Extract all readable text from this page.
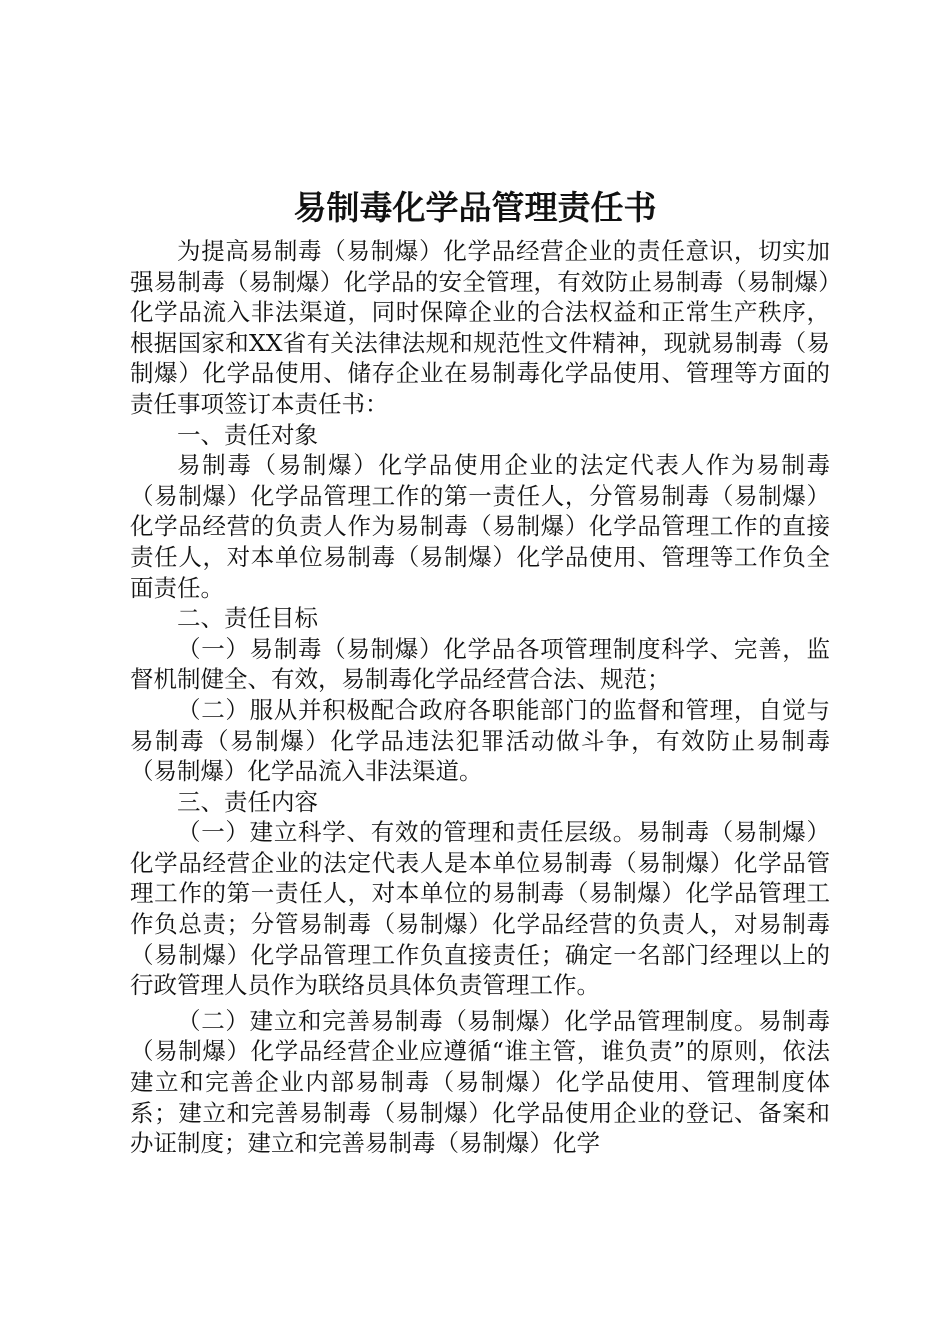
易制毒化学品管理责任书

为提高易制毒（易制爆）化学品经营企业的责任意识，切实加强易制毒（易制爆）化学品的安全管理，有效防止易制毒（易制爆）化学品流入非法渠道，同时保障企业的合法权益和正常生产秩序，根据国家和XX省有关法律法规和规范性文件精神，现就易制毒（易制爆）化学品使用、储存企业在易制毒化学品使用、管理等方面的责任事项签订本责任书：

一、责任对象

易制毒（易制爆）化学品使用企业的法定代表人作为易制毒（易制爆）化学品管理工作的第一责任人，分管易制毒（易制爆）化学品经营的负责人作为易制毒（易制爆）化学品管理工作的直接责任人，对本单位易制毒（易制爆）化学品使用、管理等工作负全面责任。

二、责任目标

（一）易制毒（易制爆）化学品各项管理制度科学、完善，监督机制健全、有效，易制毒化学品经营合法、规范；

（二）服从并积极配合政府各职能部门的监督和管理，自觉与易制毒（易制爆）化学品违法犯罪活动做斗争，有效防止易制毒（易制爆）化学品流入非法渠道。

三、责任内容

（一）建立科学、有效的管理和责任层级。易制毒（易制爆）化学品经营企业的法定代表人是本单位易制毒（易制爆）化学品管理工作的第一责任人，对本单位的易制毒（易制爆）化学品管理工作负总责；分管易制毒（易制爆）化学品经营的负责人，对易制毒（易制爆）化学品管理工作负直接责任；确定一名部门经理以上的行政管理人员作为联络员具体负责管理工作。

（二）建立和完善易制毒（易制爆）化学品管理制度。易制毒（易制爆）化学品经营企业应遵循“谁主管，谁负责”的原则，依法建立和完善企业内部易制毒（易制爆）化学品使用、管理制度体系；建立和完善易制毒（易制爆）化学品使用企业的登记、备案和办证制度；建立和完善易制毒（易制爆）化学
